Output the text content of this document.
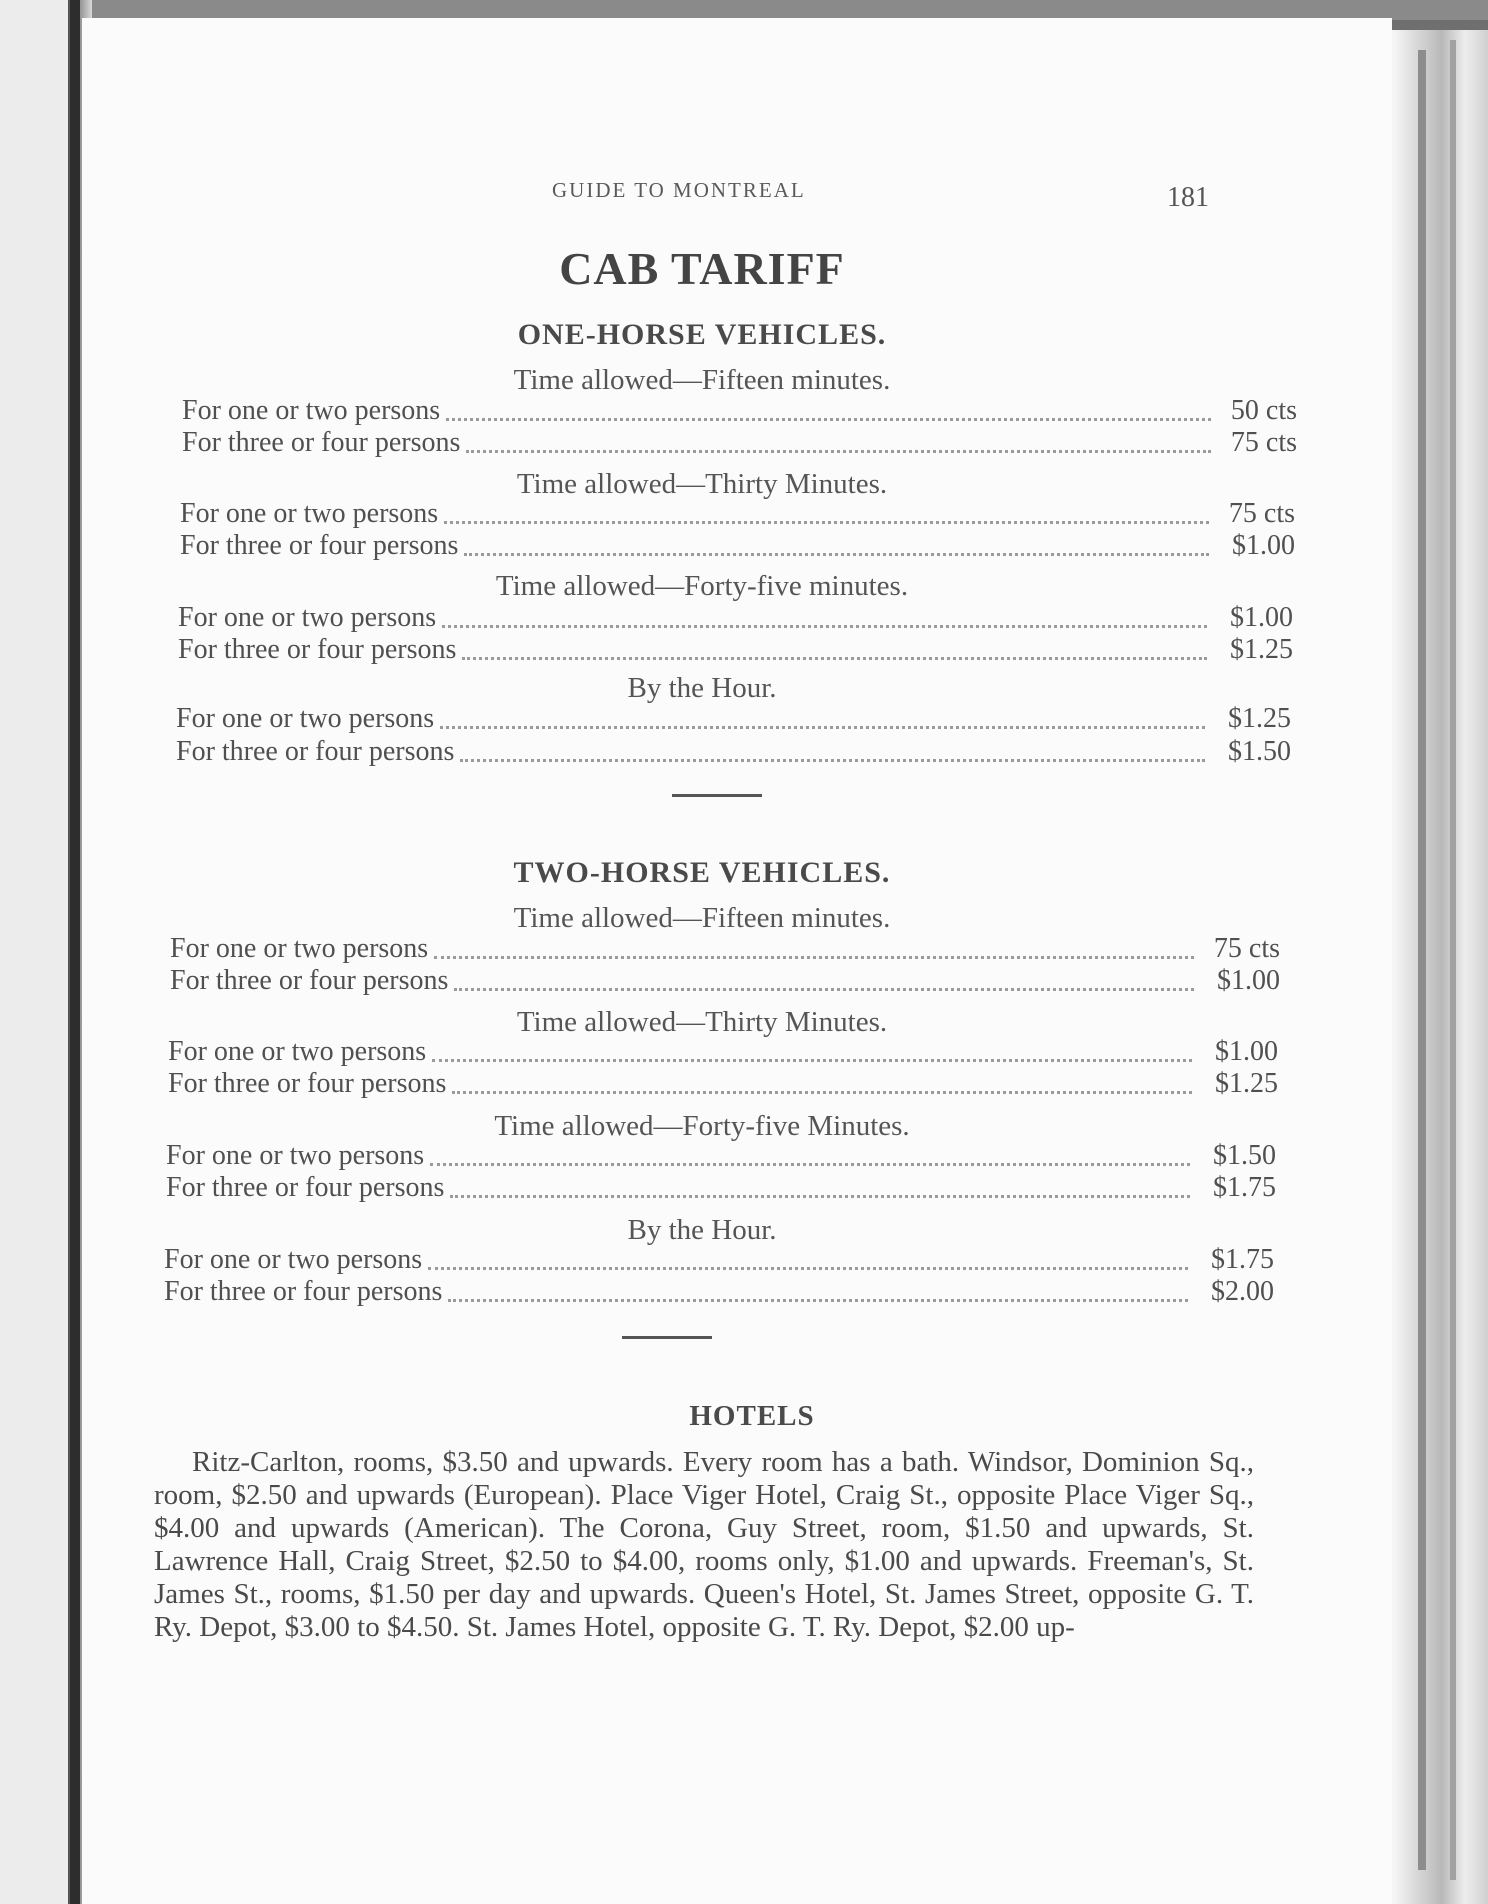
GUIDE TO MONTREAL	181
CAB TARIFF
ONE-HORSE VEHICLES.
Time allowed—Fifteen minutes.
For one or two persons	50 cts
For three or four persons	75 cts
Time allowed—Thirty Minutes.
For one or two persons	75 cts
For three or four persons	$1.00
Time allowed—Forty-five minutes.
For one or two persons	$1.00
For three or four persons	$1.25
By the Hour.
For one or two persons	$1.25
For three or four persons	$1.50
TWO-HORSE VEHICLES.
Time allowed—Fifteen minutes.
For one or two persons	75 cts
For three or four persons	$1.00
Time allowed—Thirty Minutes.
For one or two persons	$1.00
For three or four persons	$1.25
Time allowed—Forty-five Minutes.
For one or two persons	$1.50
For three or four persons	$1.75
By the Hour.
For one or two persons	$1.75
For three or four persons	$2.00
HOTELS
Ritz-Carlton, rooms, $3.50 and upwards. Every room has a bath. Windsor, Dominion Sq., room, $2.50 and upwards (European). Place Viger Hotel, Craig St., opposite Place Viger Sq., $4.00 and upwards (American). The Corona, Guy Street, room, $1.50 and upwards, St. Lawrence Hall, Craig Street, $2.50 to $4.00, rooms only, $1.00 and upwards. Freeman's, St. James St., rooms, $1.50 per day and upwards. Queen's Hotel, St. James Street, opposite G. T. Ry. Depot, $3.00 to $4.50. St. James Hotel, opposite G. T. Ry. Depot, $2.00 up-
